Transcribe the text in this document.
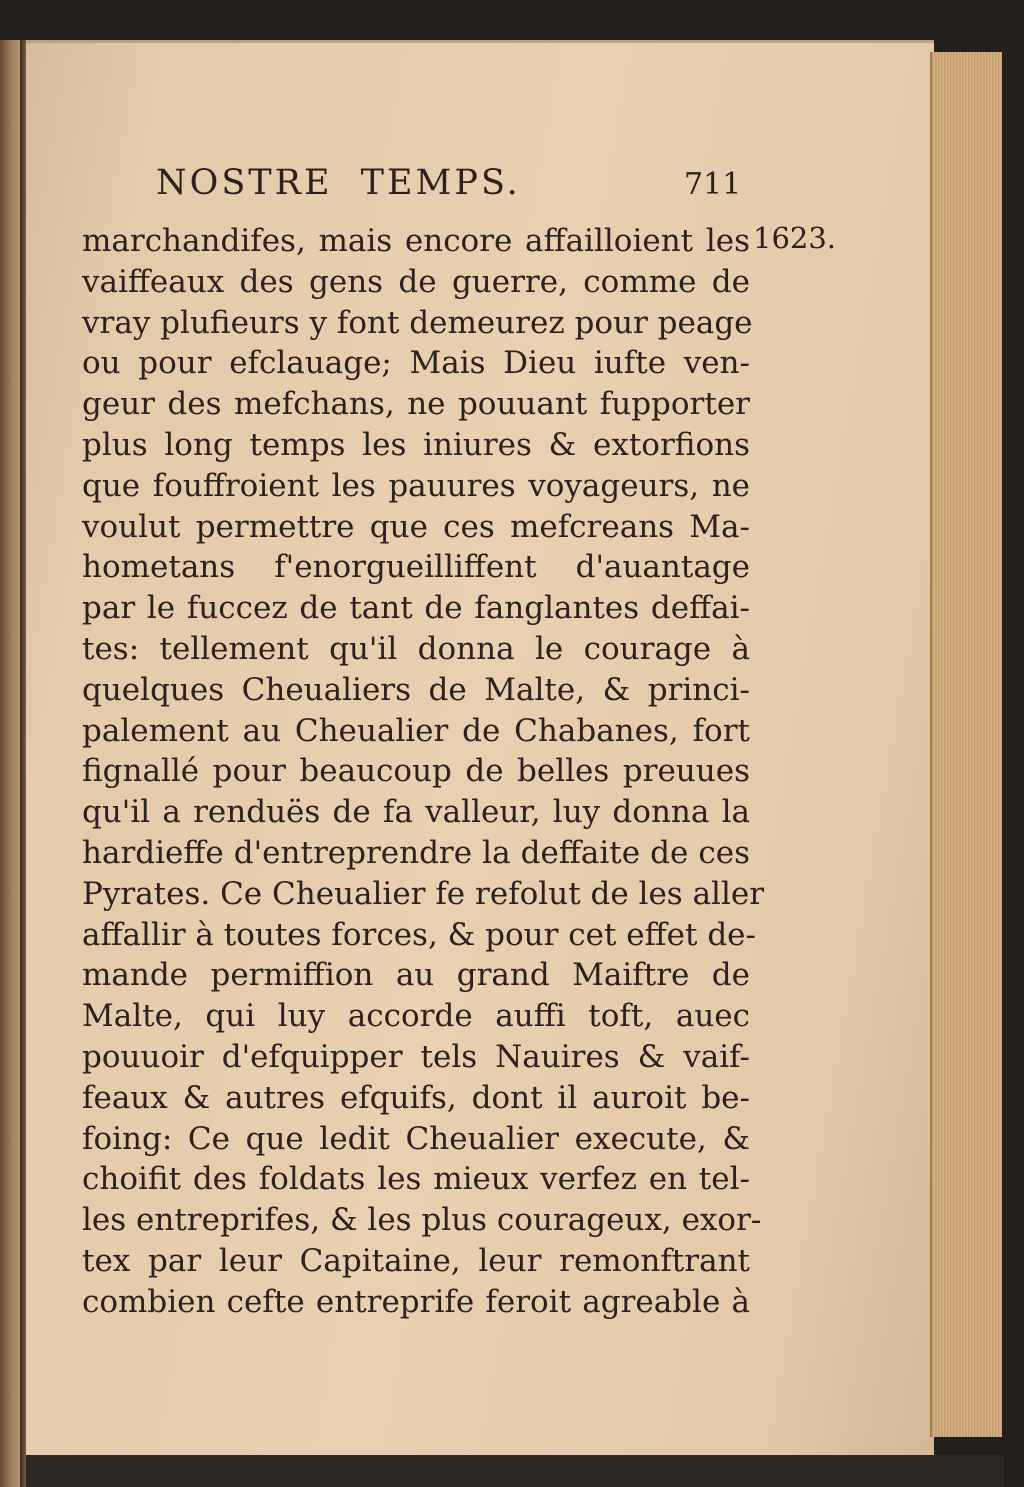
NOSTRE TEMPS.	711
1623.
marchandifes, mais encore affailloient les
vaiffeaux des gens de guerre, comme de
vray plufieurs y font demeurez pour peage
ou pour efclauage; Mais Dieu iufte ven-
geur des mefchans, ne pouuant fupporter
plus long temps les iniures & extorfions
que fouffroient les pauures voyageurs, ne
voulut permettre que ces mefcreans Ma-
hometans f'enorgueilliffent d'auantage
par le fuccez de tant de fanglantes deffai-
tes: tellement qu'il donna le courage à
quelques Cheualiers de Malte, & princi-
palement au Cheualier de Chabanes, fort
fignallé pour beaucoup de belles preuues
qu'il a renduës de fa valleur, luy donna la
hardieffe d'entreprendre la deffaite de ces
Pyrates. Ce Cheualier fe refolut de les aller
affallir à toutes forces, & pour cet effet de-
mande permiffion au grand Maiftre de
Malte, qui luy accorde auffi toft, auec
pouuoir d'efquipper tels Nauires & vaif-
feaux & autres efquifs, dont il auroit be-
foing: Ce que ledit Cheualier execute, &
choifit des foldats les mieux verfez en tel-
les entreprifes, & les plus courageux, exor-
tex par leur Capitaine, leur remonftrant
combien cefte entreprife feroit agreable à
